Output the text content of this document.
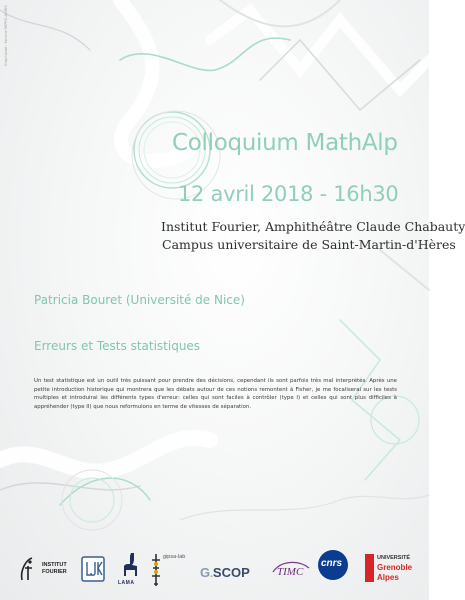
Graphisme : Service REPRO-ADRIS
Colloquium MathAlp
12 avril 2018 - 16h30
Institut Fourier, Amphithéâtre Claude Chabauty
Campus universitaire de Saint-Martin-d'Hères
Patricia Bouret (Université de Nice)
Erreurs et Tests statistiques
Un test statistique est un outil très puissant pour prendre des décisions, cependant ils sont parfois très mal interprétés. Après une petite introduction historique qui montrera que les débats autour de ces notions remontent à Fisher, je me focaliserai sur les tests multiples et introduirai les différents types d'erreur: celles qui sont faciles à contrôler (type I) et celles qui sont plus difficiles à appréhender (type II) que nous reformulons en terme de vitesses de séparation.
INSTITUT
FOURIER
LAMA
gipsa-lab
G.SCOP	TIMC
cnrs	UNIVERSITÉ
Grenoble
Alpes
